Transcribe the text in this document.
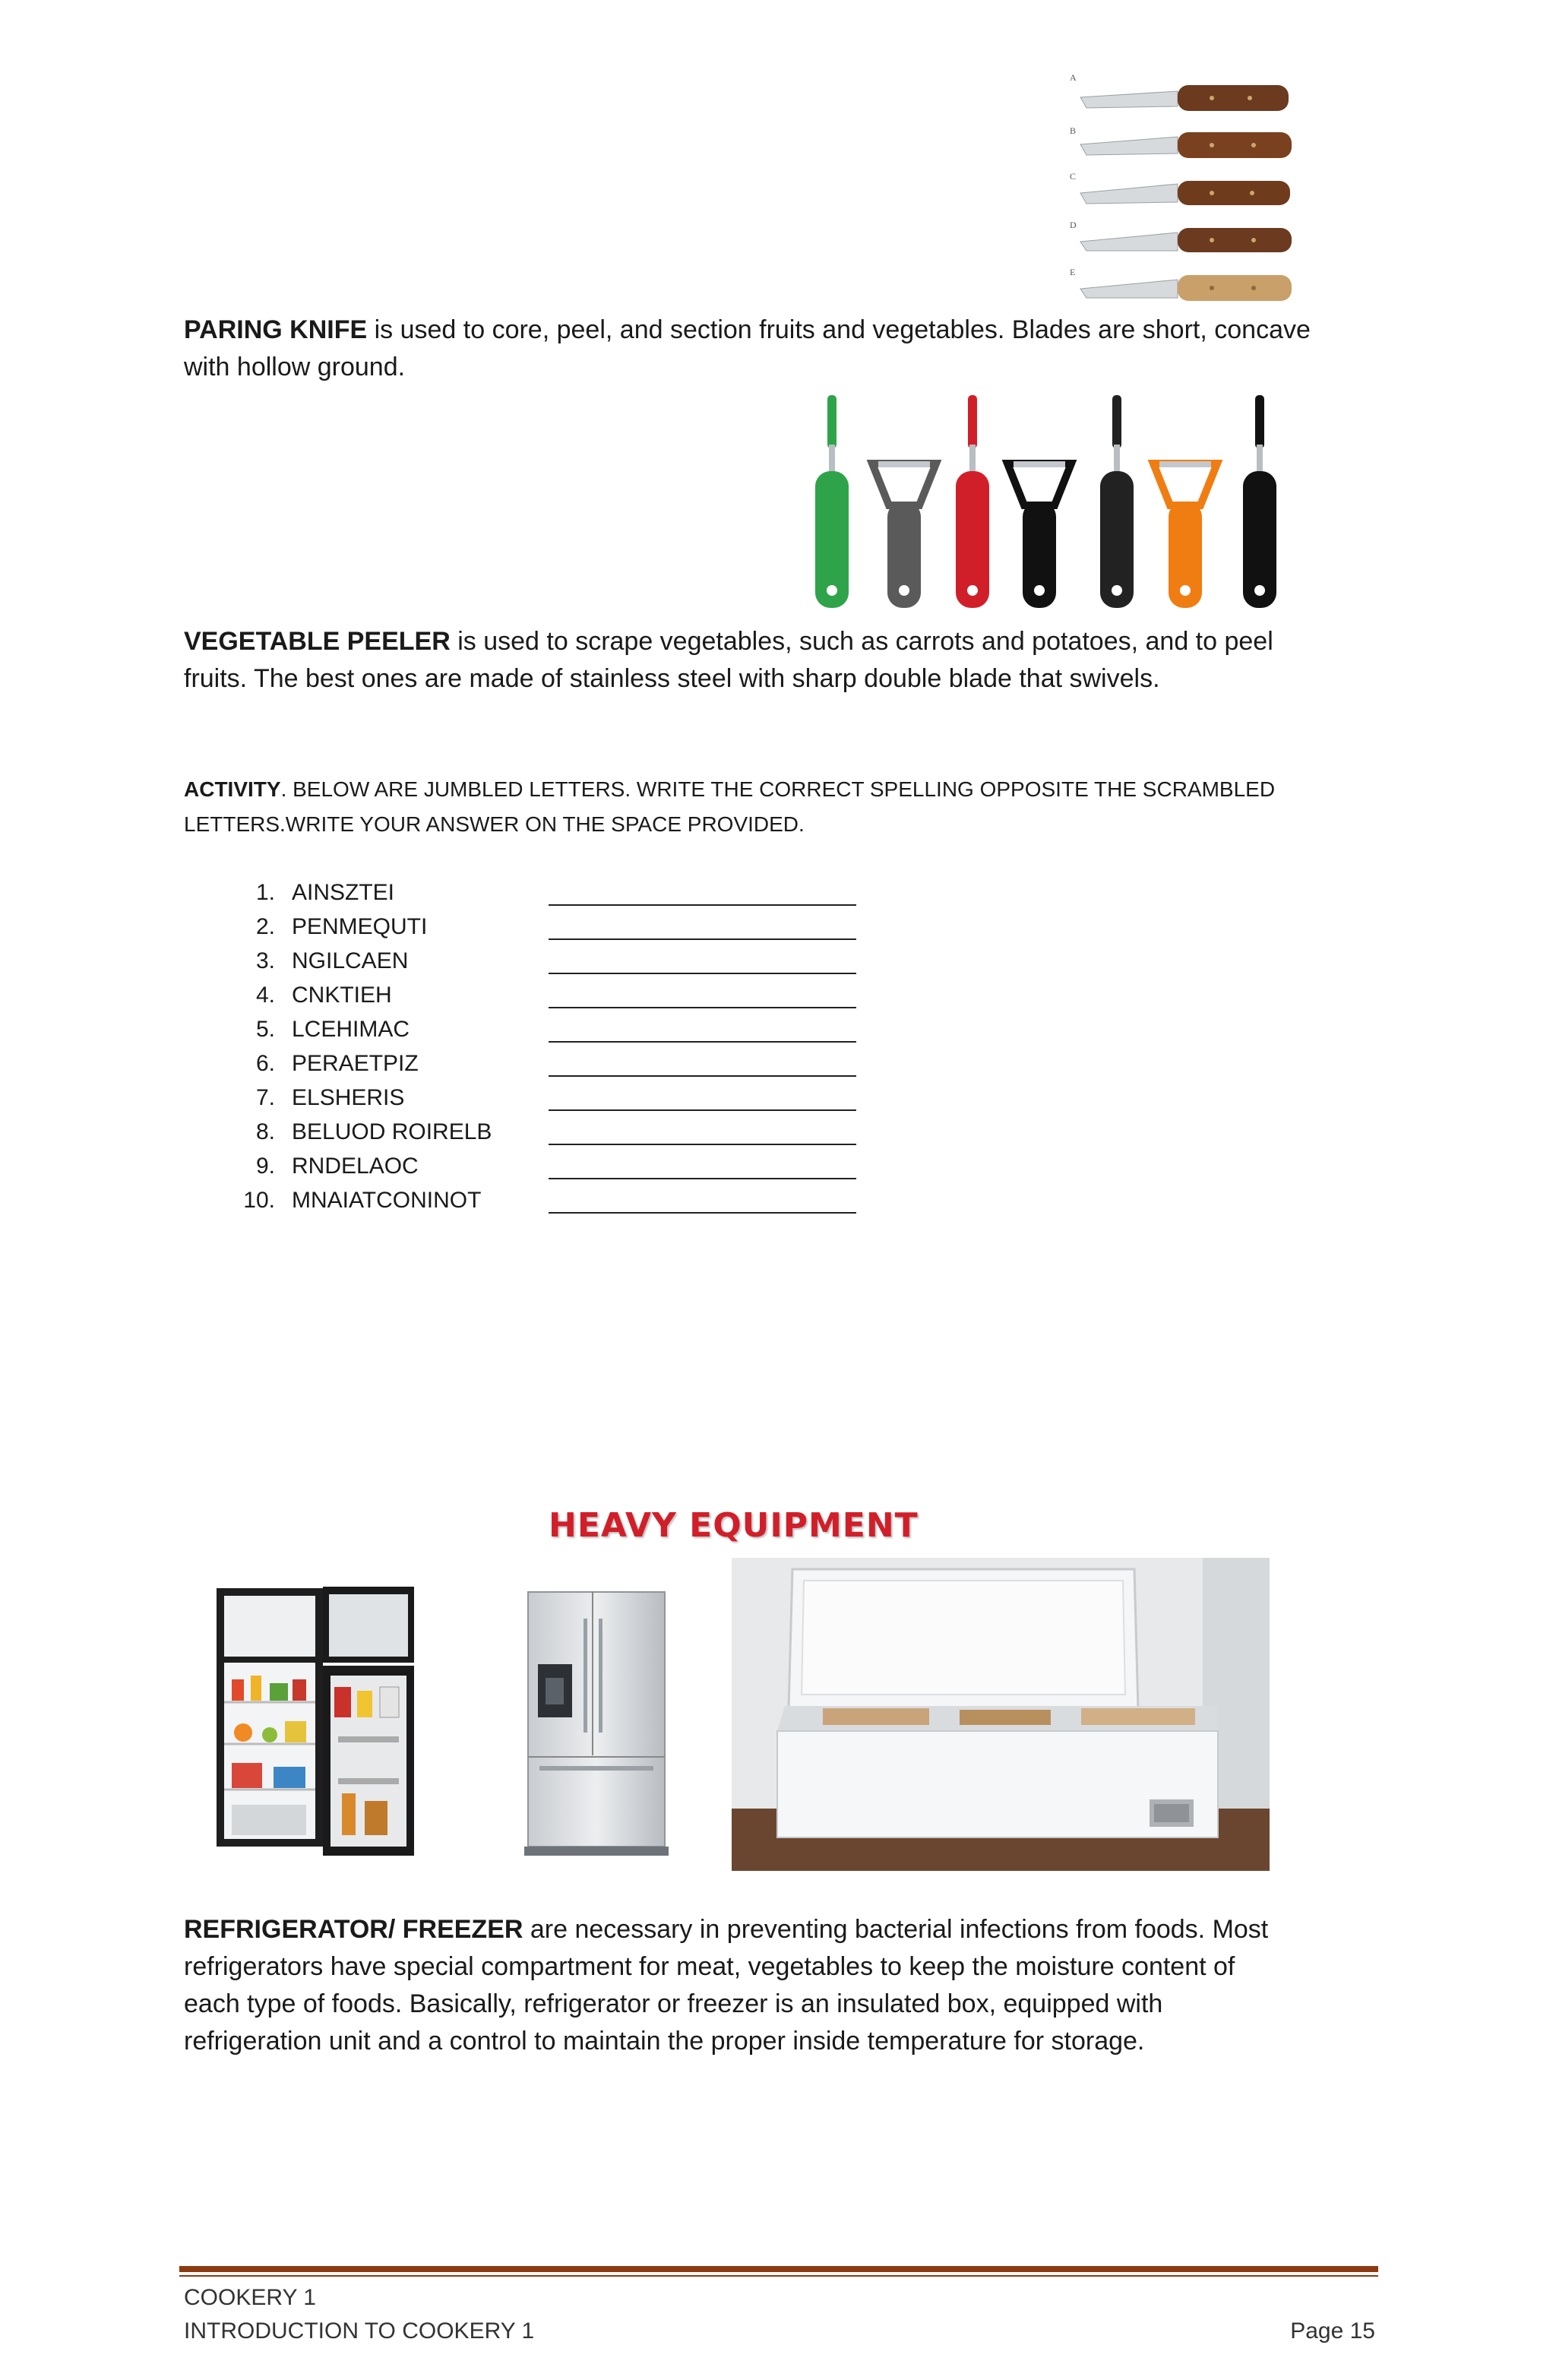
A
B
C
D
E
PARING KNIFE is used to core, peel, and section fruits and vegetables. Blades are short, concave
with hollow ground.
VEGETABLE PEELER is used to scrape vegetables, such as carrots and potatoes, and to peel
fruits. The best ones are made of stainless steel with sharp double blade that swivels.
ACTIVITY. BELOW ARE JUMBLED LETTERS. WRITE THE CORRECT SPELLING OPPOSITE THE SCRAMBLED
LETTERS.WRITE YOUR ANSWER ON THE SPACE PROVIDED.
1. AINSZTEI
2. PENMEQUTI
3. NGILCAEN
4. CNKTIEH
5. LCEHIMAC
6. PERAETPIZ
7. ELSHERIS
8. BELUOD ROIRELB
9. RNDELAOC
10. MNAIATCONINOT
HEAVY EQUIPMENT
REFRIGERATOR/ FREEZER are necessary in preventing bacterial infections from foods. Most
refrigerators have special compartment for meat, vegetables to keep the moisture content of
each type of foods. Basically, refrigerator or freezer is an insulated box, equipped with
refrigeration unit and a control to maintain the proper inside temperature for storage.
COOKERY 1
INTRODUCTION TO COOKERY 1	Page 15
